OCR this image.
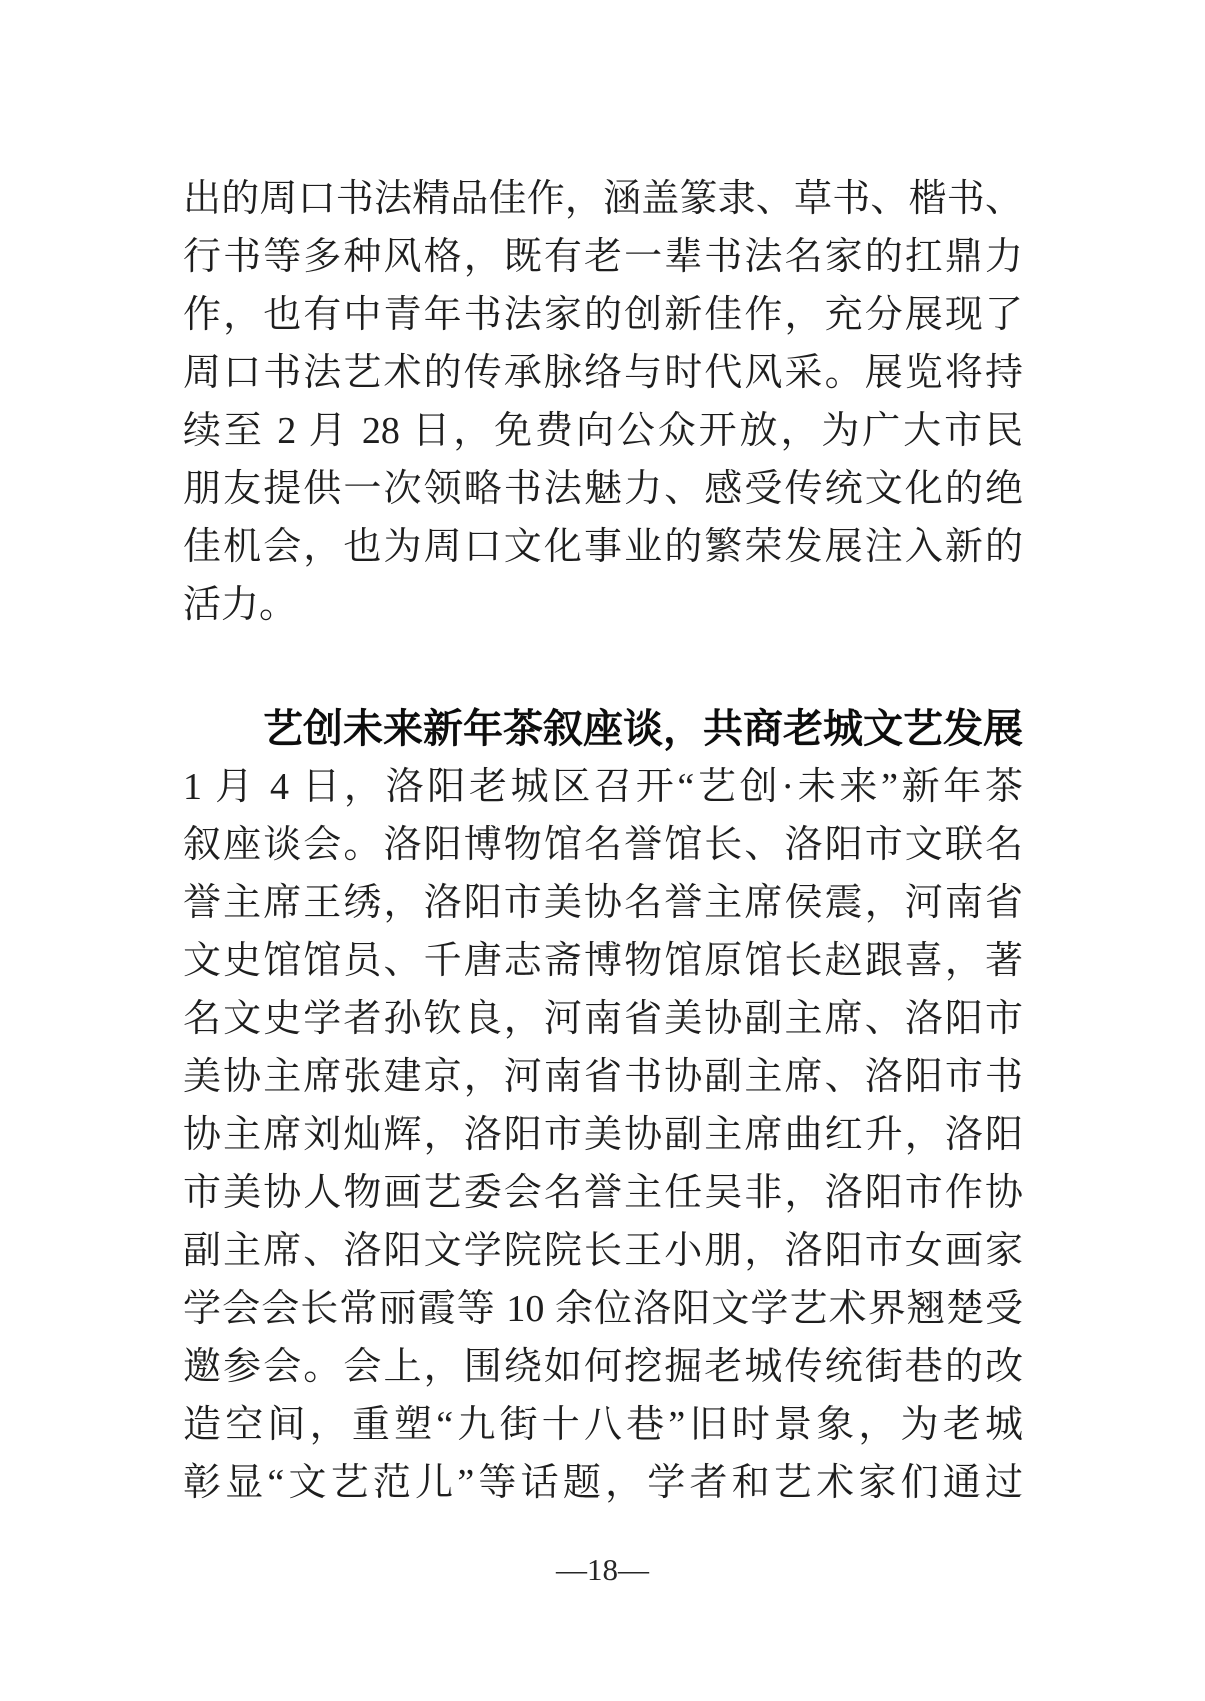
出的周口书法精品佳作，涵盖篆隶、草书、楷书、
行书等多种风格，既有老一辈书法名家的扛鼎力
作，也有中青年书法家的创新佳作，充分展现了
周口书法艺术的传承脉络与时代风采。展览将持
续至 2 月 28 日，免费向公众开放，为广大市民
朋友提供一次领略书法魅力、感受传统文化的绝
佳机会，也为周口文化事业的繁荣发展注入新的
活力。
艺创未来新年茶叙座谈，共商老城文艺发展
1 月 4 日，洛阳老城区召开“艺创·未来”新年茶
叙座谈会。洛阳博物馆名誉馆长、洛阳市文联名
誉主席王绣，洛阳市美协名誉主席侯震，河南省
文史馆馆员、千唐志斋博物馆原馆长赵跟喜，著
名文史学者孙钦良，河南省美协副主席、洛阳市
美协主席张建京，河南省书协副主席、洛阳市书
协主席刘灿辉，洛阳市美协副主席曲红升，洛阳
市美协人物画艺委会名誉主任吴非，洛阳市作协
副主席、洛阳文学院院长王小朋，洛阳市女画家
学会会长常丽霞等 10 余位洛阳文学艺术界翘楚受
邀参会。会上，围绕如何挖掘老城传统街巷的改
造空间，重塑“九街十八巷”旧时景象，为老城
彰显“文艺范儿”等话题，学者和艺术家们通过
—18—
